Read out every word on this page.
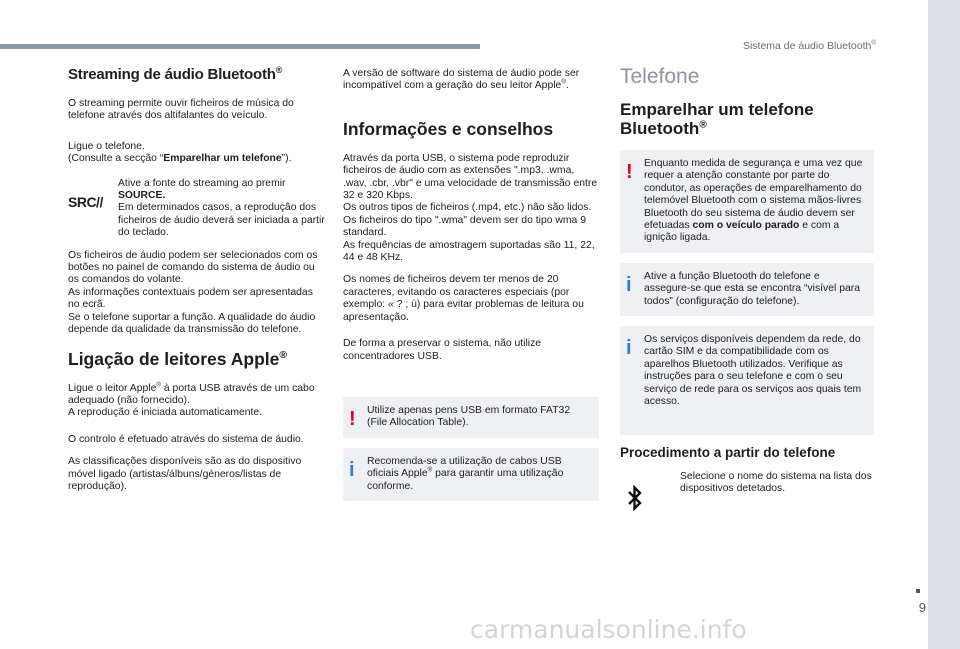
Sistema de áudio Bluetooth®
Streaming de áudio Bluetooth®

O streaming permite ouvir ficheiros de música do telefone através dos altifalantes do veículo.

Ligue o telefone.

(Consulte a secção “Emparelhar um telefone”).

SRC//

Ative a fonte do streaming ao premir

SOURCE.

Em determinados casos, a reprodução dos ficheiros de áudio deverá ser iniciada a partir do teclado.

Os ficheiros de áudio podem ser selecionados com os botões no painel de comando do sistema de áudio ou os comandos do volante.

As informações contextuais podem ser apresentadas no ecrã.

Se o telefone suportar a função. A qualidade do áudio depende da qualidade da transmissão do telefone.

Ligação de leitores Apple®

Ligue o leitor Apple® à porta USB através de um cabo adequado (não fornecido).

A reprodução é iniciada automaticamente.

O controlo é efetuado através do sistema de áudio.

As classificações disponíveis são as do dispositivo móvel ligado (artistas/álbuns/géneros/listas de reprodução).

A versão de software do sistema de áudio pode ser incompatível com a geração do seu leitor Apple®.

Informações e conselhos

Através da porta USB, o sistema pode reproduzir ficheiros de áudio com as extensões ".mp3, .wma, .wav, .cbr, .vbr" e uma velocidade de transmissão entre 32 e 320 Kbps.

Os outros tipos de ficheiros (.mp4, etc.) não são lidos.

Os ficheiros do tipo ".wma" devem ser do tipo wma 9 standard.

As frequências de amostragem suportadas são 11, 22, 44 e 48 KHz.

Os nomes de ficheiros devem ter menos de 20 caracteres, evitando os caracteres especiais (por exemplo: « ? ; ù) para evitar problemas de leitura ou apresentação.

De forma a preservar o sistema, não utilize concentradores USB.

! Utilize apenas pens USB em formato FAT32 (File Allocation Table).

i Recomenda-se a utilização de cabos USB oficiais Apple® para garantir uma utilização conforme.

Telefone
Emparelhar um telefone Bluetooth®
! Enquanto medida de segurança e uma vez que requer a atenção constante por parte do condutor, as operações de emparelhamento do telemóvel Bluetooth com o sistema mãos-livres Bluetooth do seu sistema de áudio devem ser efetuadas com o veículo parado e com a ignição ligada.

i Ative a função Bluetooth do telefone e assegure-se que esta se encontra “visível para todos” (configuração do telefone).

i Os serviços disponíveis dependem da rede, do cartão SIM e da compatibilidade com os aparelhos Bluetooth utilizados. Verifique as instruções para o seu telefone e com o seu serviço de rede para os serviços aos quais tem acesso.

Procedimento a partir do telefone

Selecione o nome do sistema na lista dos dispositivos detetados.

9
carmanualsonline.info
